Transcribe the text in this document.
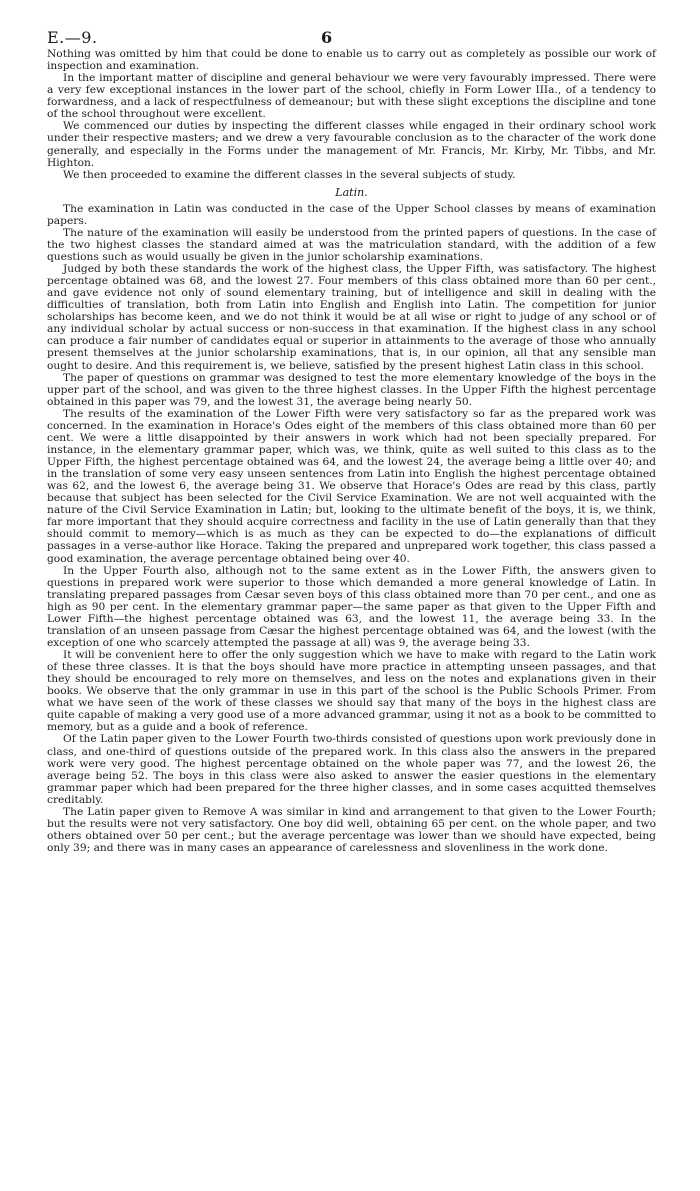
E.—9.	6

Nothing was omitted by him that could be done to enable us to carry out as completely as possible our work of inspection and examination.

In the important matter of discipline and general behaviour we were very favourably impressed. There were a very few exceptional instances in the lower part of the school, chiefly in Form Lower IIIa., of a tendency to forwardness, and a lack of respectfulness of demeanour; but with these slight exceptions the discipline and tone of the school throughout were excellent.

We commenced our duties by inspecting the different classes while engaged in their ordinary school work under their respective masters; and we drew a very favourable conclusion as to the character of the work done generally, and especially in the Forms under the management of Mr. Francis, Mr. Kirby, Mr. Tibbs, and Mr. Highton.

We then proceeded to examine the different classes in the several subjects of study.

Latin.

The examination in Latin was conducted in the case of the Upper School classes by means of examination papers.

The nature of the examination will easily be understood from the printed papers of questions. In the case of the two highest classes the standard aimed at was the matriculation standard, with the addition of a few questions such as would usually be given in the junior scholarship examinations.

Judged by both these standards the work of the highest class, the Upper Fifth, was satisfactory. The highest percentage obtained was 68, and the lowest 27. Four members of this class obtained more than 60 per cent., and gave evidence not only of sound elementary training, but of intelligence and skill in dealing with the difficulties of translation, both from Latin into English and English into Latin. The competition for junior scholarships has become keen, and we do not think it would be at all wise or right to judge of any school or of any individual scholar by actual success or non-success in that examination. If the highest class in any school can produce a fair number of candidates equal or superior in attainments to the average of those who annually present themselves at the junior scholarship examinations, that is, in our opinion, all that any sensible man ought to desire. And this requirement is, we believe, satisfied by the present highest Latin class in this school.

The paper of questions on grammar was designed to test the more elementary knowledge of the boys in the upper part of the school, and was given to the three highest classes. In the Upper Fifth the highest percentage obtained in this paper was 79, and the lowest 31, the average being nearly 50.

The results of the examination of the Lower Fifth were very satisfactory so far as the prepared work was concerned. In the examination in Horace's Odes eight of the members of this class obtained more than 60 per cent. We were a little disappointed by their answers in work which had not been specially prepared. For instance, in the elementary grammar paper, which was, we think, quite as well suited to this class as to the Upper Fifth, the highest percentage obtained was 64, and the lowest 24, the average being a little over 40; and in the translation of some very easy unseen sentences from Latin into English the highest percentage obtained was 62, and the lowest 6, the average being 31. We observe that Horace's Odes are read by this class, partly because that subject has been selected for the Civil Service Examination. We are not well acquainted with the nature of the Civil Service Examination in Latin; but, looking to the ultimate benefit of the boys, it is, we think, far more important that they should acquire correctness and facility in the use of Latin generally than that they should commit to memory—which is as much as they can be expected to do—the explanations of difficult passages in a verse-author like Horace. Taking the prepared and unprepared work together, this class passed a good examination, the average percentage obtained being over 40.

In the Upper Fourth also, although not to the same extent as in the Lower Fifth, the answers given to questions in prepared work were superior to those which demanded a more general knowledge of Latin. In translating prepared passages from Cæsar seven boys of this class obtained more than 70 per cent., and one as high as 90 per cent. In the elementary grammar paper—the same paper as that given to the Upper Fifth and Lower Fifth—the highest percentage obtained was 63, and the lowest 11, the average being 33. In the translation of an unseen passage from Cæsar the highest percentage obtained was 64, and the lowest (with the exception of one who scarcely attempted the passage at all) was 9, the average being 33.

It will be convenient here to offer the only suggestion which we have to make with regard to the Latin work of these three classes. It is that the boys should have more practice in attempting unseen passages, and that they should be encouraged to rely more on themselves, and less on the notes and explanations given in their books. We observe that the only grammar in use in this part of the school is the Public Schools Primer. From what we have seen of the work of these classes we should say that many of the boys in the highest class are quite capable of making a very good use of a more advanced grammar, using it not as a book to be committed to memory, but as a guide and a book of reference.

Of the Latin paper given to the Lower Fourth two-thirds consisted of questions upon work previously done in class, and one-third of questions outside of the prepared work. In this class also the answers in the prepared work were very good. The highest percentage obtained on the whole paper was 77, and the lowest 26, the average being 52. The boys in this class were also asked to answer the easier questions in the elementary grammar paper which had been prepared for the three higher classes, and in some cases acquitted themselves creditably.

The Latin paper given to Remove A was similar in kind and arrangement to that given to the Lower Fourth; but the results were not very satisfactory. One boy did well, obtaining 65 per cent. on the whole paper, and two others obtained over 50 per cent.; but the average percentage was lower than we should have expected, being only 39; and there was in many cases an appearance of carelessness and slovenliness in the work done.
